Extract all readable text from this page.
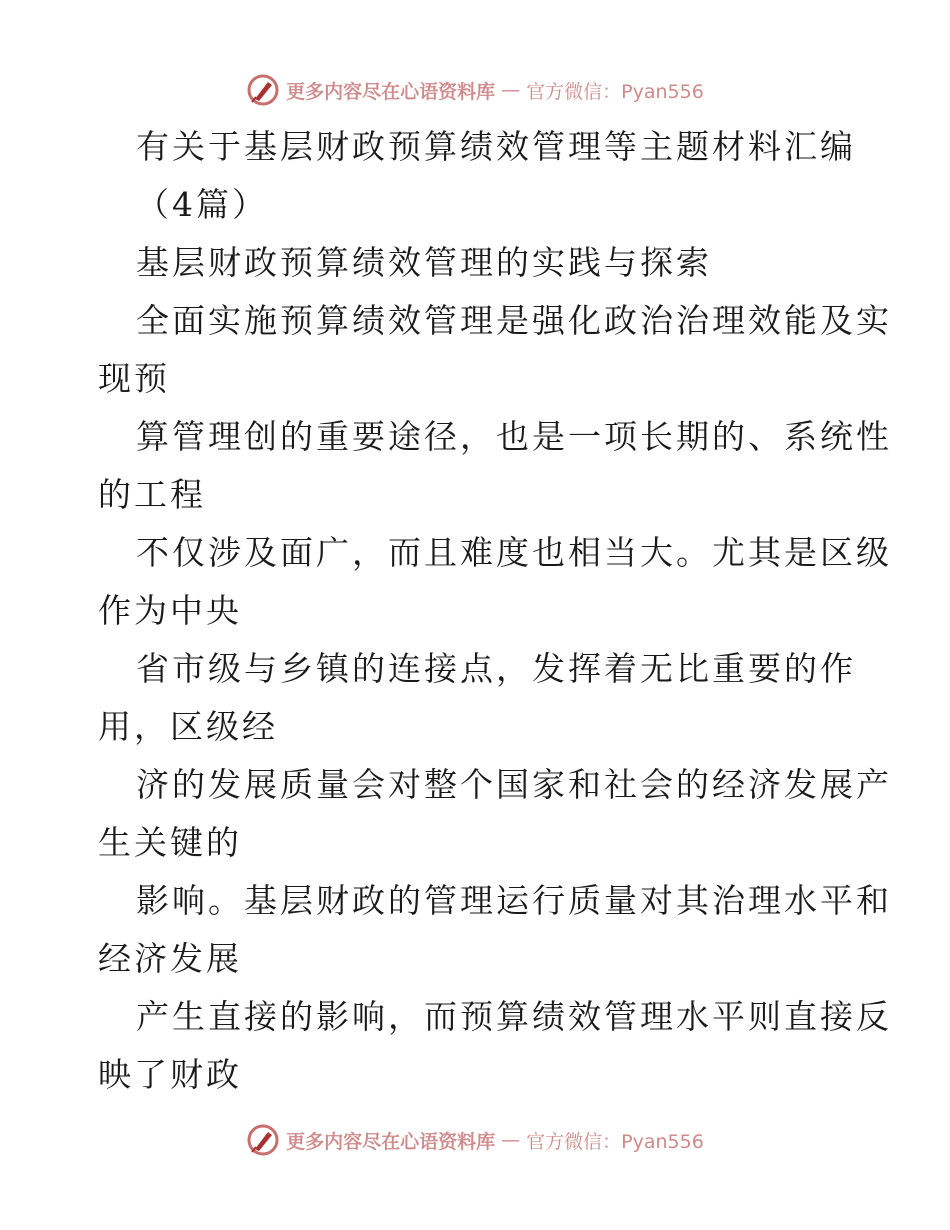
更多内容尽在心语资料库 — 官方微信：Pyan556
有关于基层财政预算绩效管理等主题材料汇编
（4篇）
基层财政预算绩效管理的实践与探索
全面实施预算绩效管理是强化政治治理效能及实
现预
算管理创的重要途径，也是一项长期的、系统性
的工程
不仅涉及面广，而且难度也相当大。尤其是区级
作为中央
省市级与乡镇的连接点，发挥着无比重要的作
用，区级经
济的发展质量会对整个国家和社会的经济发展产
生关键的
影响。基层财政的管理运行质量对其治理水平和
经济发展
产生直接的影响，而预算绩效管理水平则直接反
映了财政
更多内容尽在心语资料库 — 官方微信：Pyan556
